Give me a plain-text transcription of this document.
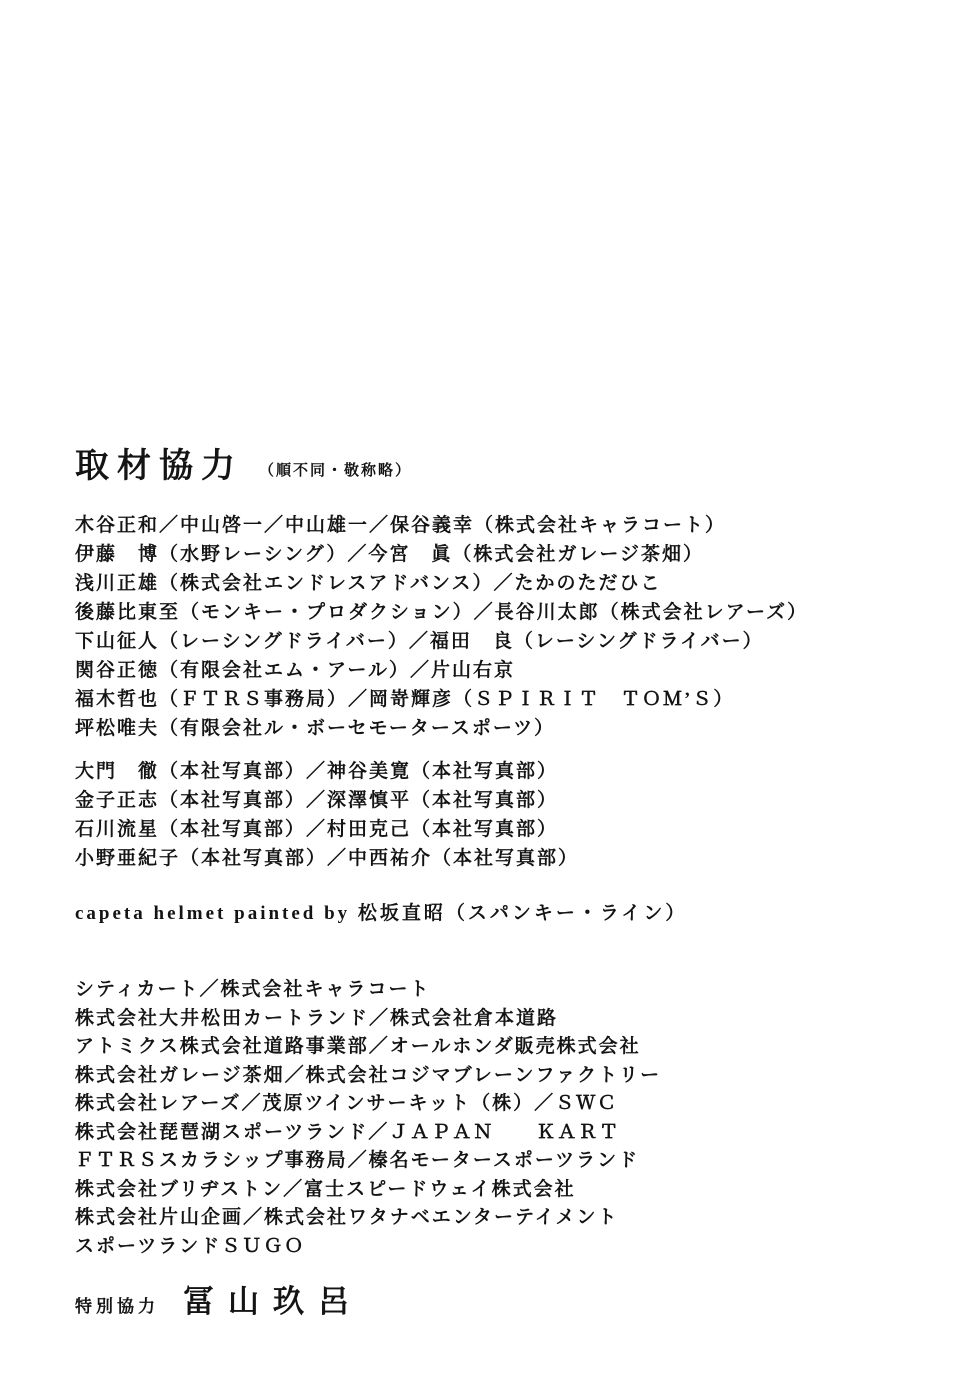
取材協力 （順不同・敬称略）
木谷正和／中山啓一／中山雄一／保谷義幸（株式会社キャラコート）
伊藤　博（水野レーシング）／今宮　眞（株式会社ガレージ茶畑）
浅川正雄（株式会社エンドレスアドバンス）／たかのただひこ
後藤比東至（モンキー・プロダクション）／長谷川太郎（株式会社レアーズ）
下山征人（レーシングドライバー）／福田　良（レーシングドライバー）
関谷正徳（有限会社エム・アール）／片山右京
福木哲也（ＦＴＲＳ事務局）／岡嵜輝彦（ＳＰＩＲＩＴ　ＴＯＭ’Ｓ）
坪松唯夫（有限会社ル・ボーセモータースポーツ）
大門　徹（本社写真部）／神谷美寛（本社写真部）
金子正志（本社写真部）／深澤慎平（本社写真部）
石川流星（本社写真部）／村田克己（本社写真部）
小野亜紀子（本社写真部）／中西祐介（本社写真部）
capeta helmet painted by 松坂直昭（スパンキー・ライン）
シティカート／株式会社キャラコート
株式会社大井松田カートランド／株式会社倉本道路
アトミクス株式会社道路事業部／オールホンダ販売株式会社
株式会社ガレージ茶畑／株式会社コジマブレーンファクトリー
株式会社レアーズ／茂原ツインサーキット（株）／ＳＷＣ
株式会社琵琶湖スポーツランド／ＪＡＰＡＮ　　ＫＡＲＴ
ＦＴＲＳスカラシップ事務局／榛名モータースポーツランド
株式会社ブリヂストン／富士スピードウェイ株式会社
株式会社片山企画／株式会社ワタナベエンターテイメント
スポーツランドＳＵＧＯ
特別協力 冨山玖呂
